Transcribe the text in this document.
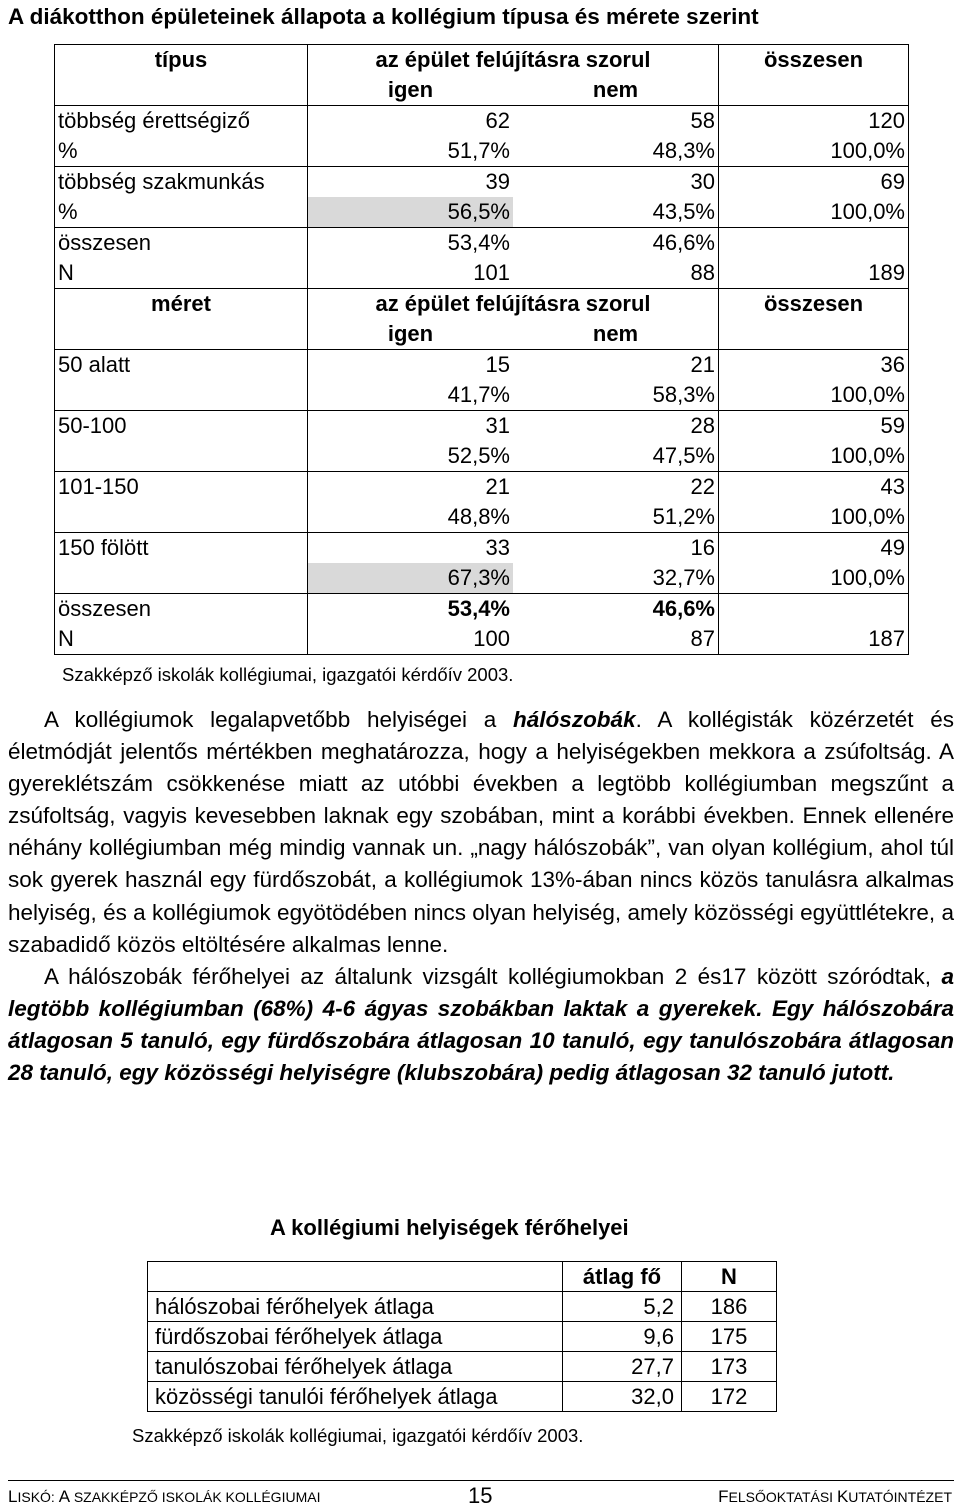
A diákotthon épületeinek állapota a kollégium típusa és mérete szerint
típus	az épület felújításra szorul		összesen
	igen	nem	
többség érettségiző	62	58	120
%	51,7%	48,3%	100,0%
többség szakmunkás	39	30	69
%	56,5%	43,5%	100,0%
összesen	53,4%	46,6%	
N	101	88	189
méret	az épület felújításra szorul		összesen
	igen	nem	
50 alatt	15	21	36
	41,7%	58,3%	100,0%
50-100	31	28	59
	52,5%	47,5%	100,0%
101-150	21	22	43
	48,8%	51,2%	100,0%
150 fölött	33	16	49
	67,3%	32,7%	100,0%
összesen	53,4%	46,6%	
N	100	87	187
Szakképző iskolák kollégiumai, igazgatói kérdőív 2003.

A kollégiumok legalapvetőbb helyiségei a hálószobák. A kollégisták közérzetét és életmódját jelentős mértékben meghatározza, hogy a helyiségekben mekkora a zsúfoltság. A gyereklétszám csökkenése miatt az utóbbi években a legtöbb kollégiumban megszűnt a zsúfoltság, vagyis kevesebben laknak egy szobában, mint a korábbi években. Ennek ellenére néhány kollégiumban még mindig vannak un. „nagy hálószobák”, van olyan kollégium, ahol túl sok gyerek használ egy fürdőszobát, a kollégiumok 13%-ában nincs közös tanulásra alkalmas helyiség, és a kollégiumok egyötödében nincs olyan helyiség, amely közösségi együttlétekre, a szabadidő közös eltöltésére alkalmas lenne.

A hálószobák férőhelyei az általunk vizsgált kollégiumokban 2 és17 között szóródtak, a legtöbb kollégiumban (68%) 4-6 ágyas szobákban laktak a gyerekek. Egy hálószobára átlagosan 5 tanuló, egy fürdőszobára átlagosan 10 tanuló, egy tanulószobára átlagosan 28 tanuló, egy közösségi helyiségre (klubszobára) pedig átlagosan 32 tanuló jutott.

A kollégiumi helyiségek férőhelyei
	átlag fő	N
hálószobai férőhelyek átlaga	5,2	186
fürdőszobai férőhelyek átlaga	9,6	175
tanulószobai férőhelyek átlaga	27,7	173
közösségi tanulói férőhelyek átlaga	32,0	172
Szakképző iskolák kollégiumai, igazgatói kérdőív 2003.
LISKÓ: A SZAKKÉPZŐ ISKOLÁK KOLLÉGIUMAI	15	FELSŐOKTATÁSI KUTATÓINTÉZET
